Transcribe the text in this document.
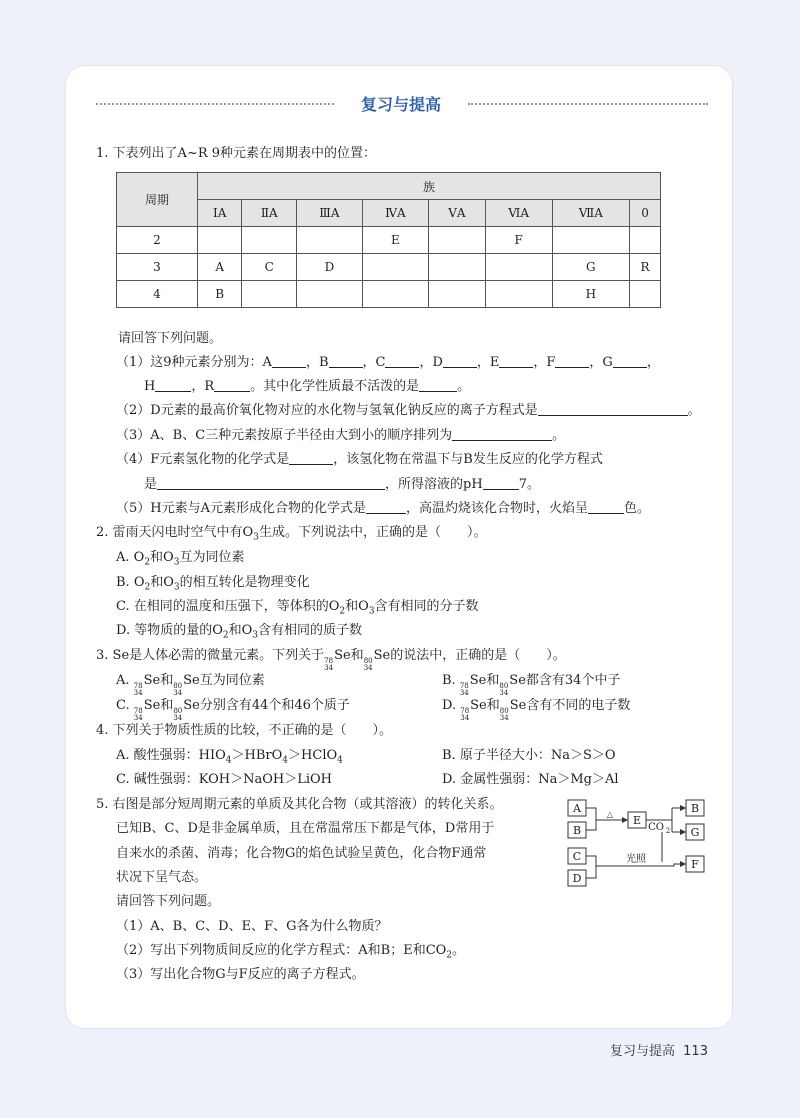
复习与提高
1. 下表列出了A~R 9种元素在周期表中的位置：
周期	族							
	ⅠA	ⅡA	ⅢA	ⅣA	ⅤA	ⅥA	ⅦA	0
2				E		F		
3	A	C	D				G	R
4	B						H	
请回答下列问题。
（1）这9种元素分别为：A	，B	，C	，D	，E	，F	，G	，
H	，R	。其中化学性质最不活泼的是	。
（2）D元素的最高价氧化物对应的水化物与氢氧化钠反应的离子方程式是	。
（3）A、B、C三种元素按原子半径由大到小的顺序排列为	。
（4）F元素氢化物的化学式是	，该氢化物在常温下与B发生反应的化学方程式
是	，所得溶液的pH	7。
（5）H元素与A元素形成化合物的化学式是	，高温灼烧该化合物时，火焰呈	色。
2. 雷雨天闪电时空气中有$O_3$生成。下列说法中，正确的是（　　）。
A. $O_2$和$O_3$互为同位素
B. $O_2$和$O_3$的相互转化是物理变化
C. 在相同的温度和压强下，等体积的$O_2$和$O_3$含有相同的分子数
D. 等物质的量的$O_2$和$O_3$含有相同的质子数
3. Se是人体必需的微量元素。下列关于 78
34
Se和 80
34
Se的说法中，正确的是（　　）。
A. 78
34
Se和 80
34
Se互为同位素	B. 78
34
Se和 80
34
Se都含有34个中子
C. 78
34
Se和 80
34
Se分别含有44个和46个质子	D. 78
34
Se和 80
34
Se含有不同的电子数
4. 下列关于物质性质的比较，不正确的是（　　）。
A. 酸性强弱：$HIO_4>HBrO_4>HClO_4$	B. 原子半径大小：Na＞S＞O
C. 碱性强弱：KOH＞NaOH＞LiOH	D. 金属性强弱：Na＞Mg＞Al
5. 右图是部分短周期元素的单质及其化合物（或其溶液）的转化关系。
已知B、C、D是非金属单质，且在常温常压下都是气体，D常用于
自来水的杀菌、消毒；化合物G的焰色试验呈黄色，化合物F通常
状况下呈气态。
请回答下列问题。
（1）A、B、C、D、E、F、G各为什么物质？
（2）写出下列物质间反应的化学方程式：A和B；E和$CO_2$。
（3）写出化合物G与F反应的离子方程式。
A
B
C
D
E
B
G
F
△
CO 2
光照
复习与提高 113
